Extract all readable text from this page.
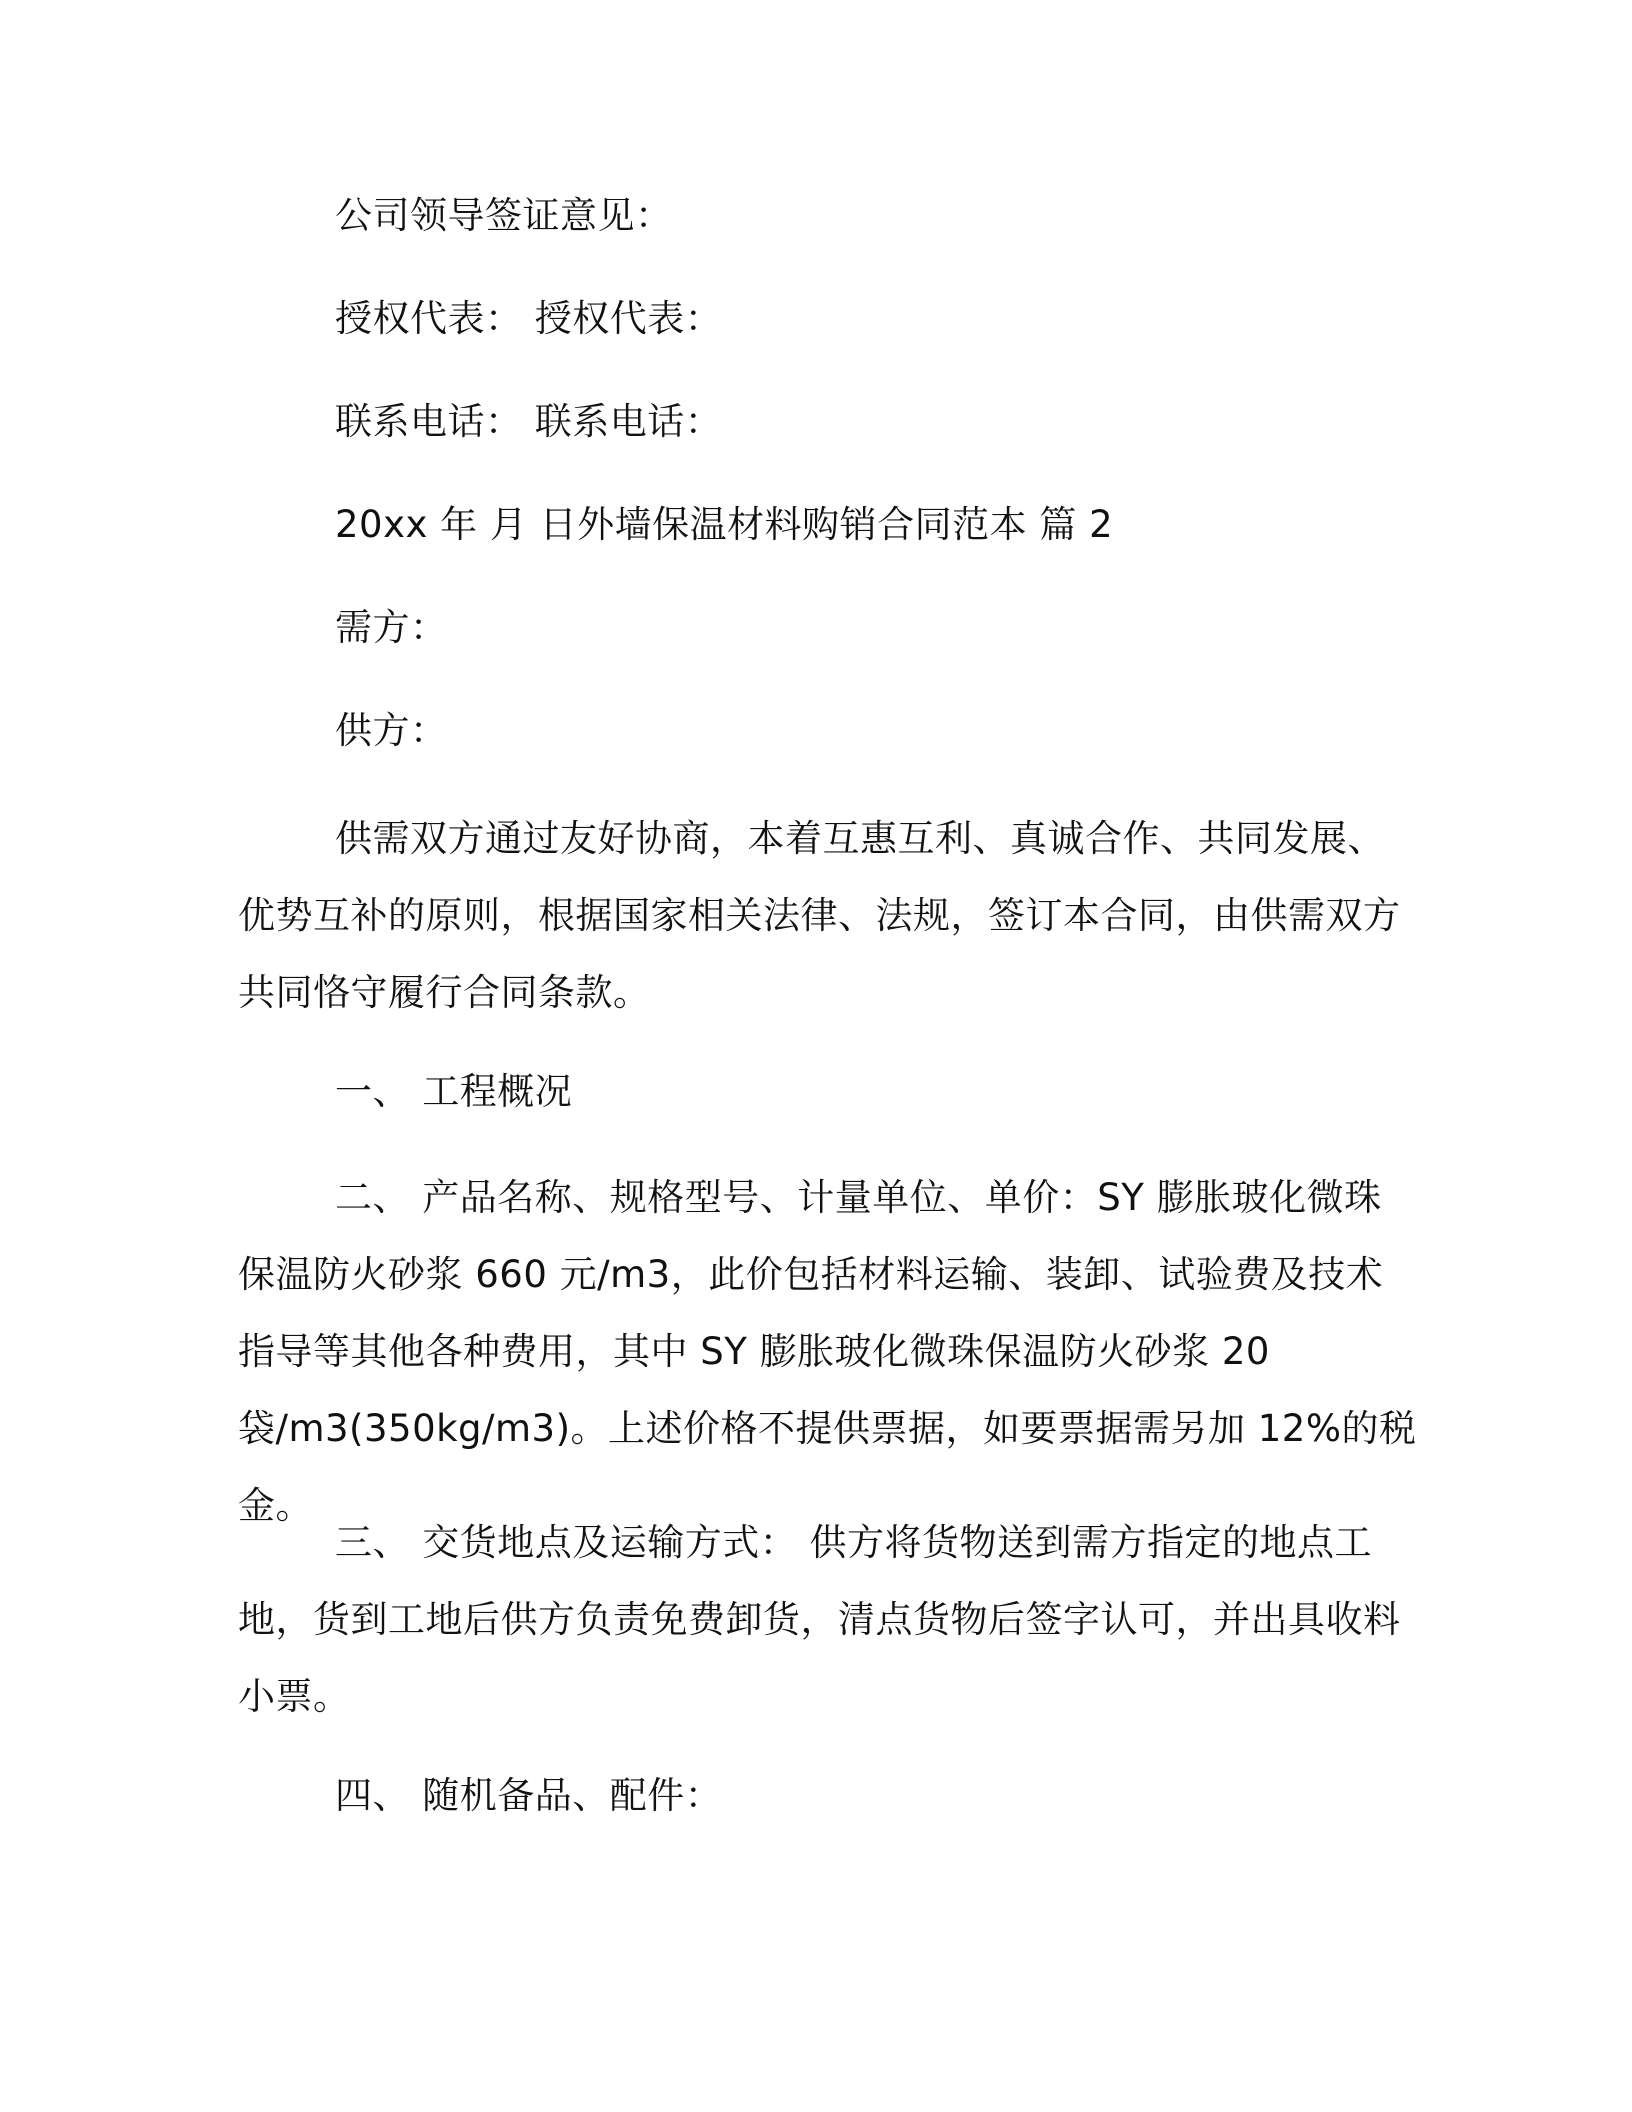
公司领导签证意见：
授权代表： 授权代表：
联系电话： 联系电话：
20xx 年 月 日外墙保温材料购销合同范本 篇 2
需方：
供方：

供需双方通过友好协商，本着互惠互利、真诚合作、共同发展、优势互补的原则，根据国家相关法律、法规，签订本合同，由供需双方共同恪守履行合同条款。

一、 工程概况

二、 产品名称、规格型号、计量单位、单价：SY 膨胀玻化微珠保温防火砂浆 660 元/m3，此价包括材料运输、装卸、试验费及技术指导等其他各种费用，其中 SY 膨胀玻化微珠保温防火砂浆 20 袋/m3(350kg/m3)。上述价格不提供票据，如要票据需另加 12%的税金。

三、 交货地点及运输方式： 供方将货物送到需方指定的地点工地，货到工地后供方负责免费卸货，清点货物后签字认可，并出具收料小票。

四、 随机备品、配件：
